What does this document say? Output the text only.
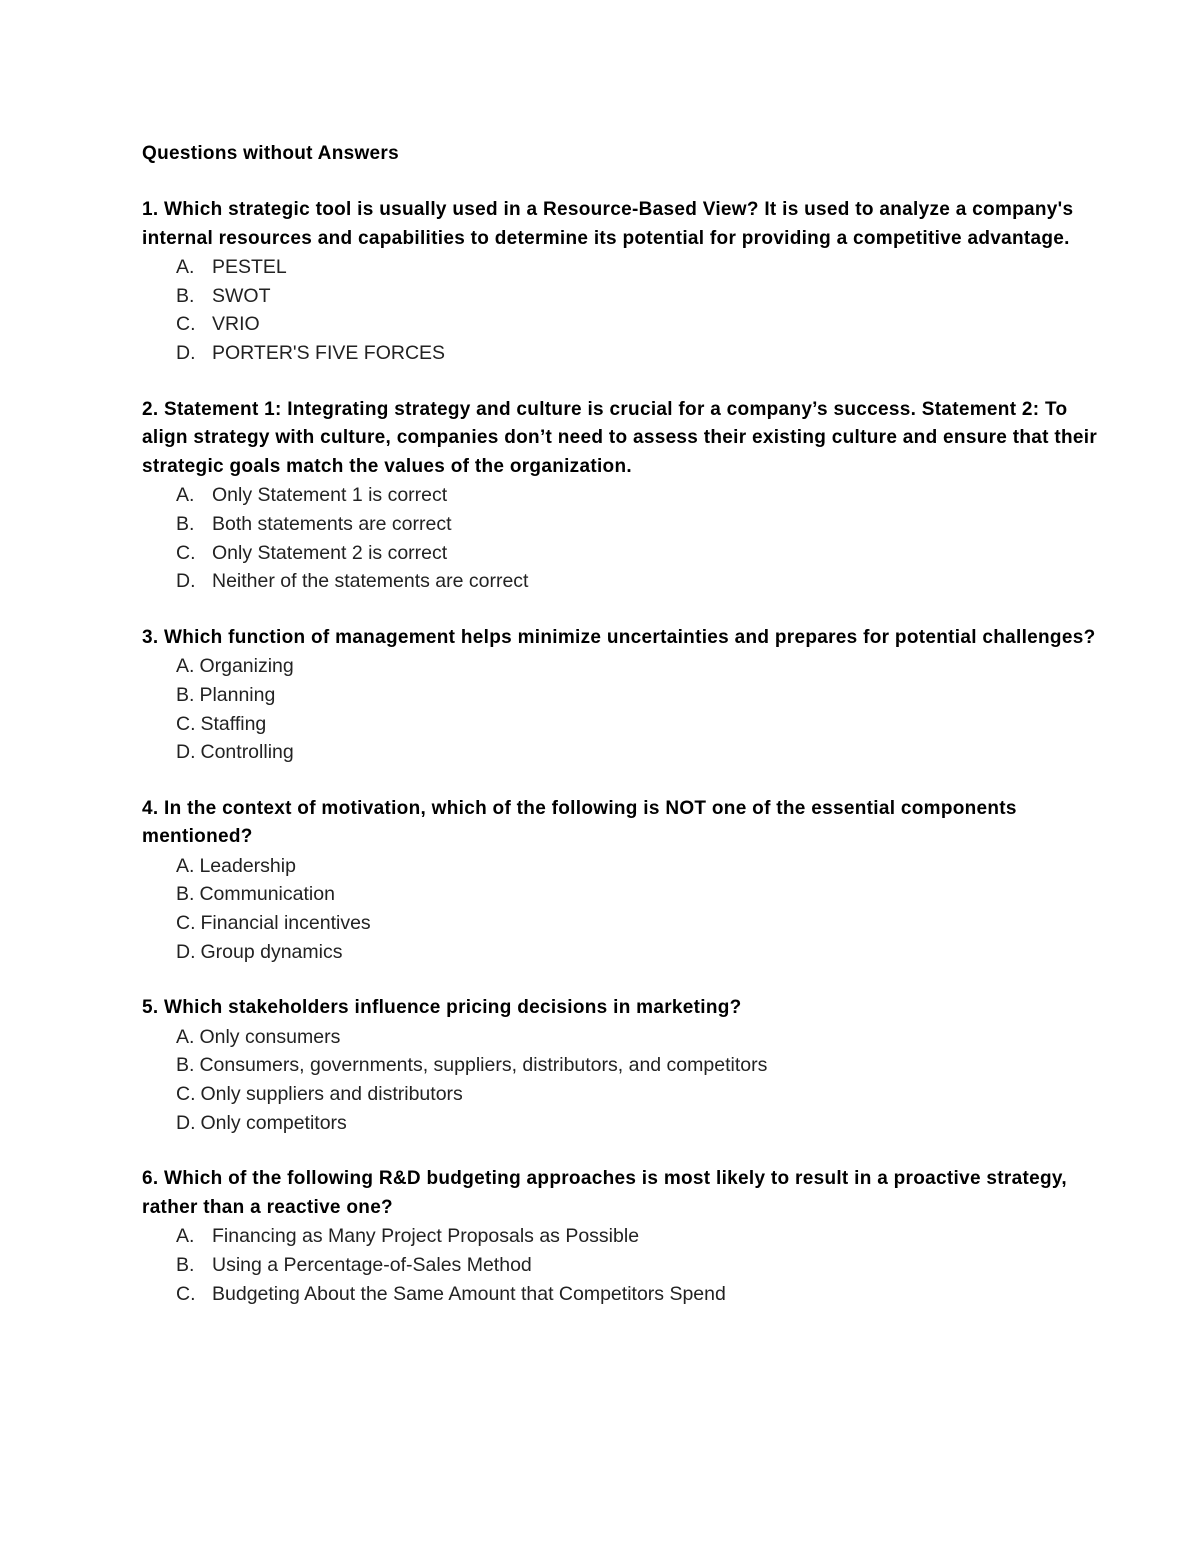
Questions without Answers

1. Which strategic tool is usually used in a Resource-Based View? It is used to analyze a company's internal resources and capabilities to determine its potential for providing a competitive advantage.

A. PESTEL
B. SWOT
C. VRIO
D. PORTER'S FIVE FORCES

2. Statement 1: Integrating strategy and culture is crucial for a company’s success. Statement 2: To align strategy with culture, companies don’t need to assess their existing culture and ensure that their strategic goals match the values of the organization.

A. Only Statement 1 is correct
B. Both statements are correct
C. Only Statement 2 is correct
D. Neither of the statements are correct

3. Which function of management helps minimize uncertainties and prepares for potential challenges?

A. Organizing
B. Planning
C. Staffing
D. Controlling

4. In the context of motivation, which of the following is NOT one of the essential components mentioned?

A. Leadership
B. Communication
C. Financial incentives
D. Group dynamics

5. Which stakeholders influence pricing decisions in marketing?

A. Only consumers
B. Consumers, governments, suppliers, distributors, and competitors
C. Only suppliers and distributors
D. Only competitors

6. Which of the following R&D budgeting approaches is most likely to result in a proactive strategy, rather than a reactive one?

A. Financing as Many Project Proposals as Possible
B. Using a Percentage-of-Sales Method
C. Budgeting About the Same Amount that Competitors Spend
